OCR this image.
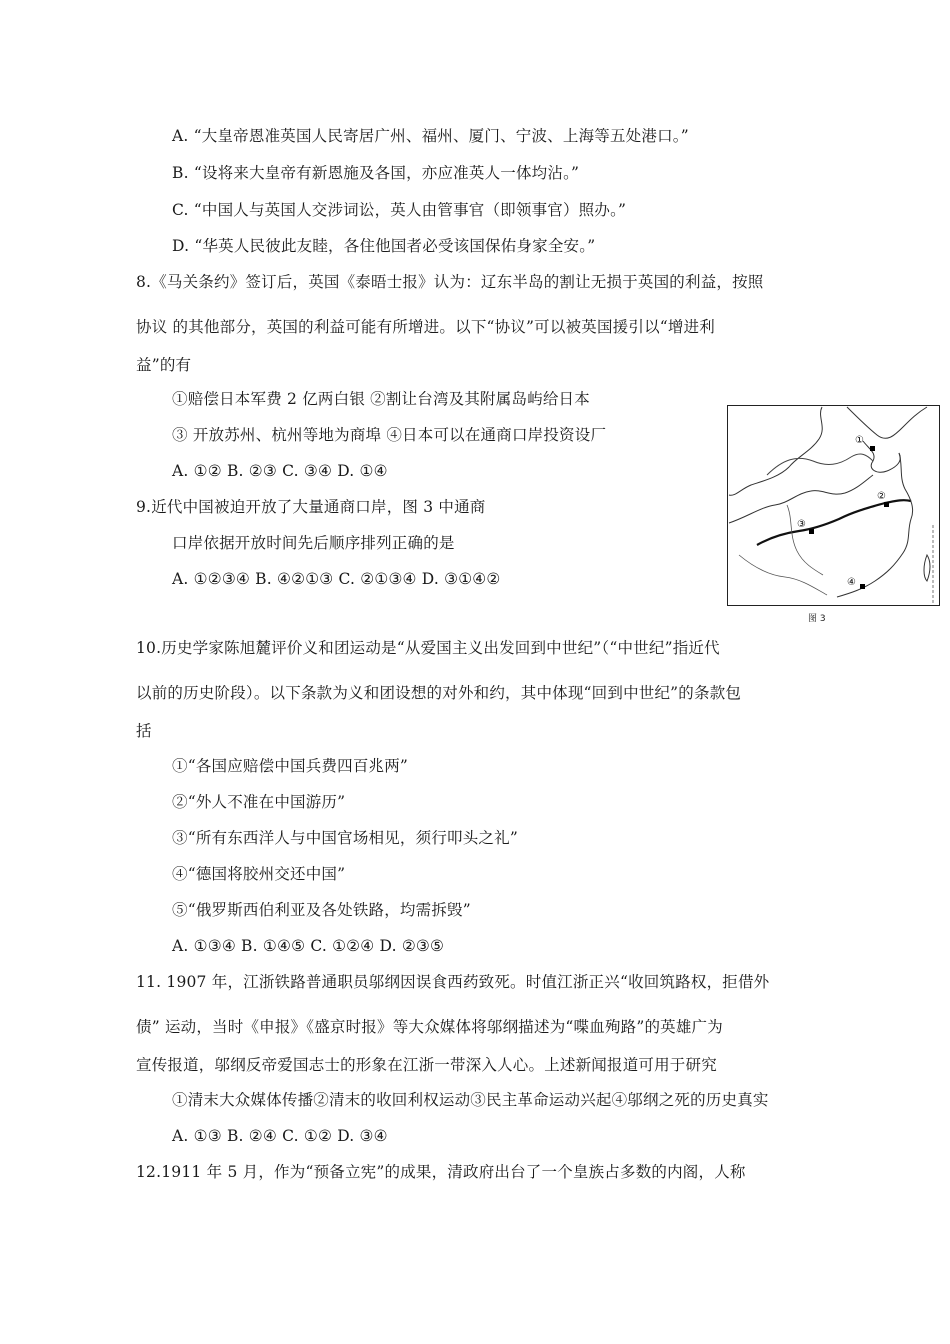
A. “大皇帝恩准英国人民寄居广州、福州、厦门、宁波、上海等五处港口。”
B. “设将来大皇帝有新恩施及各国，亦应准英人一体均沾。”
C. “中国人与英国人交涉词讼，英人由管事官（即领事官）照办。”
D. “华英人民彼此友睦，各住他国者必受该国保佑身家全安。”
8.《马关条约》签订后，英国《泰晤士报》认为：辽东半岛的割让无损于英国的利益，按照
协议 的其他部分，英国的利益可能有所增进。以下“协议”可以被英国援引以“增进利
益”的有
①赔偿日本军费 2 亿两白银 ②割让台湾及其附属岛屿给日本
③ 开放苏州、杭州等地为商埠 ④日本可以在通商口岸投资设厂
A. ①② B. ②③ C. ③④ D. ①④
9.近代中国被迫开放了大量通商口岸，图 3 中通商
口岸依据开放时间先后顺序排列正确的是
A. ①②③④ B. ④②①③ C. ②①③④ D. ③①④②
①
②
③
④
图 3
10.历史学家陈旭麓评价义和团运动是“从爱国主义出发回到中世纪”（“中世纪”指近代
以前的历史阶段）。以下条款为义和团设想的对外和约，其中体现“回到中世纪”的条款包
括
①“各国应赔偿中国兵费四百兆两”
②“外人不准在中国游历”
③“所有东西洋人与中国官场相见，须行叩头之礼”
④“德国将胶州交还中国”
⑤“俄罗斯西伯利亚及各处铁路，均需拆毁”
A. ①③④ B. ①④⑤ C. ①②④ D. ②③⑤
11. 1907 年，江浙铁路普通职员邬纲因误食西药致死。时值江浙正兴“收回筑路权，拒借外
债” 运动，当时《申报》《盛京时报》等大众媒体将邬纲描述为“喋血殉路”的英雄广为
宣传报道，邬纲反帝爱国志士的形象在江浙一带深入人心。上述新闻报道可用于研究
①清末大众媒体传播②清末的收回利权运动③民主革命运动兴起④邬纲之死的历史真实
A. ①③ B. ②④ C. ①② D. ③④
12.1911 年 5 月，作为“预备立宪”的成果，清政府出台了一个皇族占多数的内阁，人称
